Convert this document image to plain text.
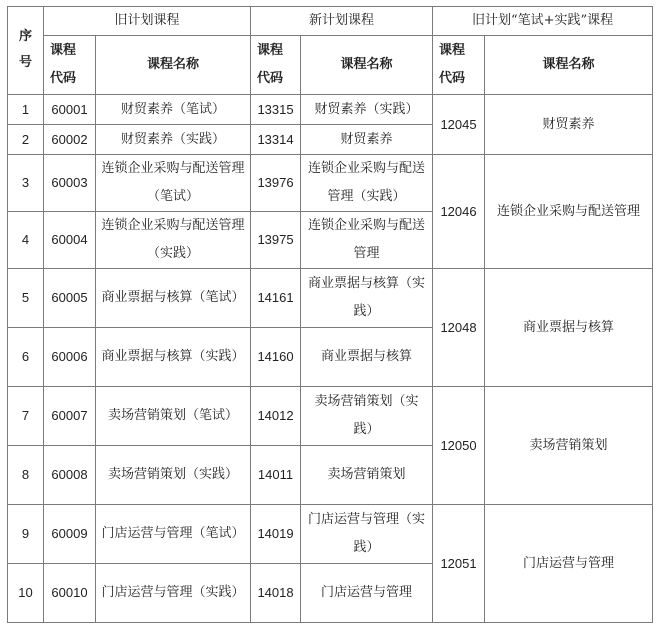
序号	旧计划课程		新计划课程		旧计划“笔试+实践”课程	
	课程代码	课程名称	课程代码	课程名称	课程代码	课程名称
1	60001	财贸素养（笔试）	13315	财贸素养（实践）	12045	财贸素养
2	60002	财贸素养（实践）	13314	财贸素养		
3	60003	连锁企业采购与配送管理（笔试）	13976	连锁企业采购与配送管理（实践）	12046	连锁企业采购与配送管理
4	60004	连锁企业采购与配送管理（实践）	13975	连锁企业采购与配送管理		
5	60005	商业票据与核算（笔试）	14161	商业票据与核算（实践）	12048	商业票据与核算
6	60006	商业票据与核算（实践）	14160	商业票据与核算		
7	60007	卖场营销策划（笔试）	14012	卖场营销策划（实践）	12050	卖场营销策划
8	60008	卖场营销策划（实践）	14011	卖场营销策划		
9	60009	门店运营与管理（笔试）	14019	门店运营与管理（实践）	12051	门店运营与管理
10	60010	门店运营与管理（实践）	14018	门店运营与管理		
